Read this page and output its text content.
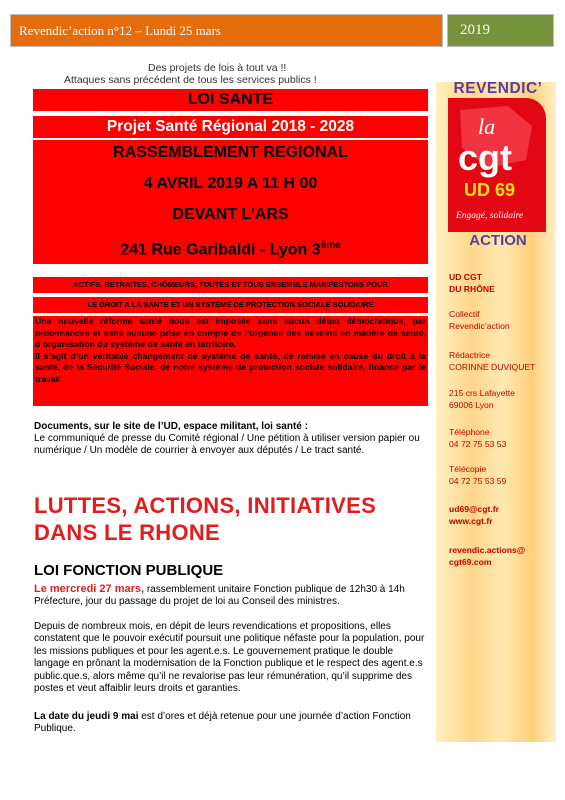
Revendic’action n°12 – Lundi 25 mars	2019
Des projets de lois à tout va !!
Attaques sans précédent de tous les services publics !
LOI SANTE
Projet Santé Régional 2018 - 2028
RASSEMBLEMENT REGIONAL
4 AVRIL 2019 A 11 H 00
DEVANT L’ARS
241 Rue Garibaldi - Lyon 3ème
ACTIFS, RETRAITES, CHÔMEURS, TOUTES ET TOUS ENSEMBLE MANIFESTONS POUR
LE DROIT A LA SANTE ET UN SYSTEME DE PROTECTION SOCIALE SOLIDAIRE

Une nouvelle réforme santé nous est imposée sans aucun débat démocratique, par ordonnances et sans aucune prise en compte de l’urgence des besoins en matière de santé, d’organisation du système de santé en territoire.

Il s’agit d’un véritable changement de système de santé, de remise en cause du droit à la santé, de la Sécurité Sociale, de notre système de protection sociale solidaire, financé par le travail.

Documents, sur le site de l’UD, espace militant, loi santé :
Le communiqué de presse du Comité régional / Une pétition à utiliser version papier ou numérique / Un modèle de courrier à envoyer aux députés / Le tract santé.
LUTTES, ACTIONS, INITIATIVES DANS LE RHONE
LOI FONCTION PUBLIQUE
Le mercredi 27 mars, rassemblement unitaire Fonction publique de 12h30 à 14h Préfecture, jour du passage du projet de loi au Conseil des ministres.
Depuis de nombreux mois, en dépit de leurs revendications et propositions, elles constatent que le pouvoir exécutif poursuit une politique néfaste pour la population, pour les missions publiques et pour les agent.e.s. Le gouvernement pratique le double langage en prônant la modernisation de la Fonction publique et le respect des agent.e.s public.que.s, alors même qu’il ne revalorise pas leur rémunération, qu’il supprime des postes et veut affaiblir leurs droits et garanties.
La date du jeudi 9 mai est d’ores et déjà retenue pour une journée d’action Fonction Publique.
REVENDIC’
la
cgt
UD 69
Engagé, solidaire
ACTION
UD CGT
DU RHÔNE
Collectif
Revendic’action
Rédactrice
CORINNE DUVIQUET
215 crs Lafayette
69006 Lyon
Téléphone
04 72 75 53 53
Télécopie
04 72 75 53 59
ud69@cgt.fr
www.cgt.fr
revendic.actions@
cgt69.com
